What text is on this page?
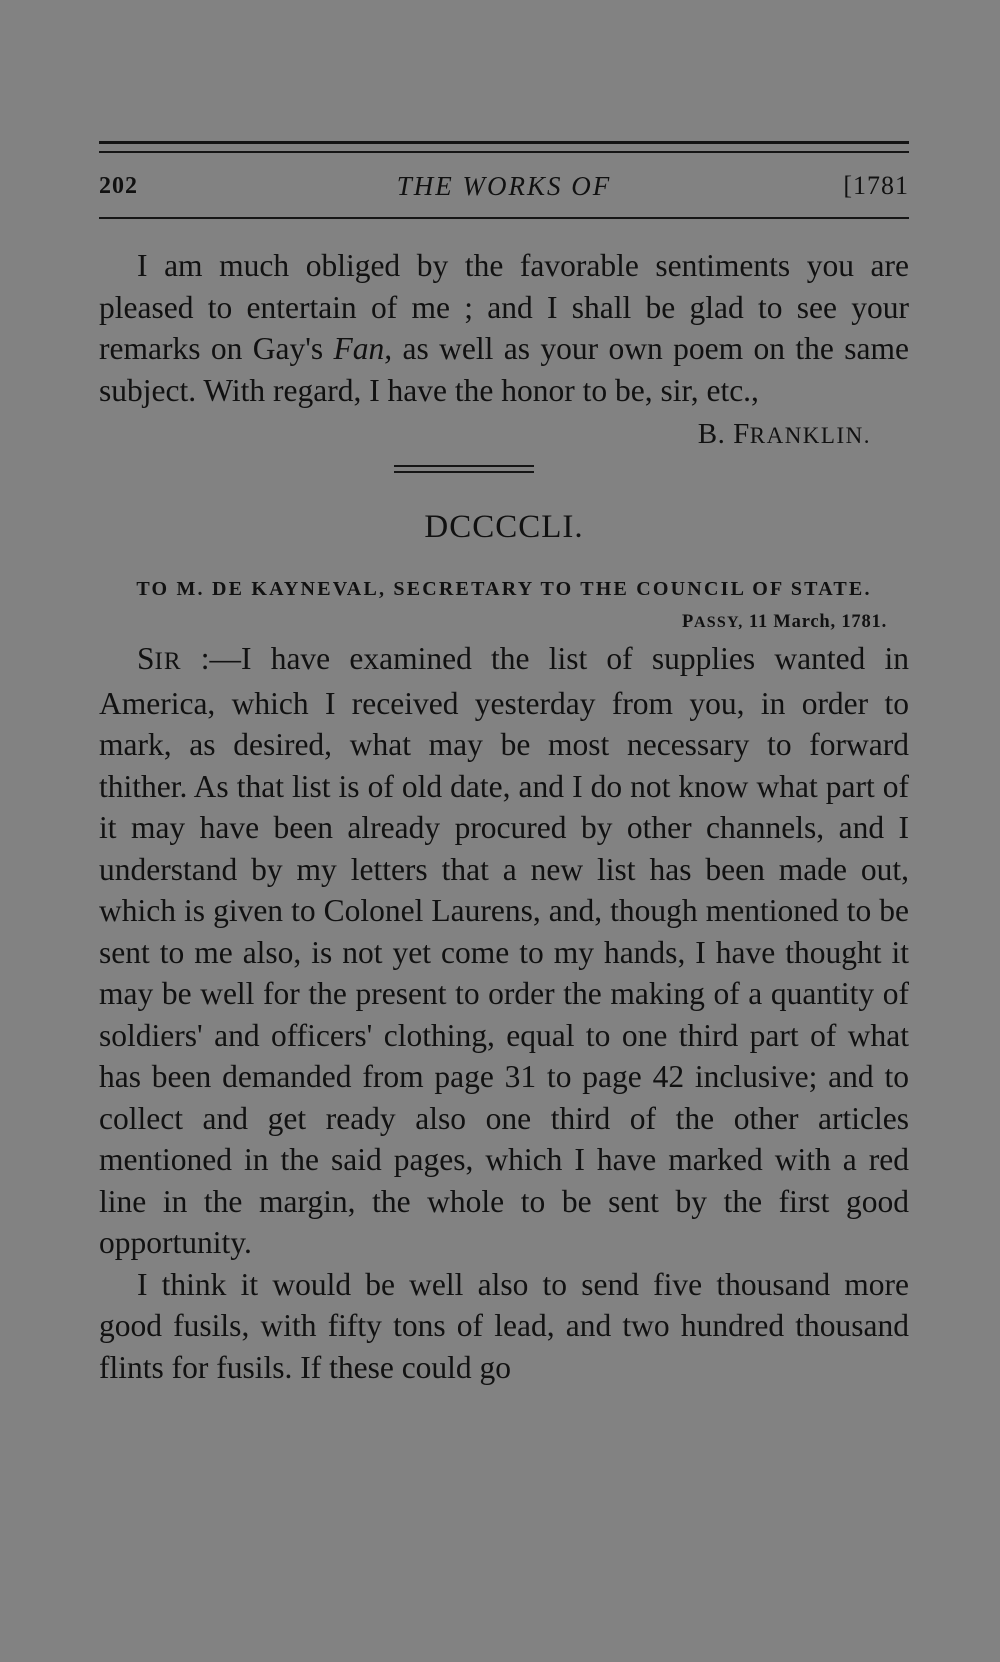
202	THE WORKS OF	[1781

I am much obliged by the favorable sentiments you are pleased to entertain of me ; and I shall be glad to see your remarks on Gay's Fan, as well as your own poem on the same subject. With regard, I have the honor to be, sir, etc.,

B. FRANKLIN.
DCCCCLI.
TO M. DE KAYNEVAL, SECRETARY TO THE COUNCIL OF STATE.
PASSY, 11 March, 1781.

SIR :—I have examined the list of supplies wanted in America, which I received yesterday from you, in order to mark, as desired, what may be most necessary to forward thither. As that list is of old date, and I do not know what part of it may have been already procured by other channels, and I understand by my letters that a new list has been made out, which is given to Colonel Laurens, and, though mentioned to be sent to me also, is not yet come to my hands, I have thought it may be well for the present to order the making of a quantity of soldiers' and officers' clothing, equal to one third part of what has been demanded from page 31 to page 42 inclusive; and to collect and get ready also one third of the other articles mentioned in the said pages, which I have marked with a red line in the margin, the whole to be sent by the first good opportunity.

I think it would be well also to send five thousand more good fusils, with fifty tons of lead, and two hundred thousand flints for fusils. If these could go
